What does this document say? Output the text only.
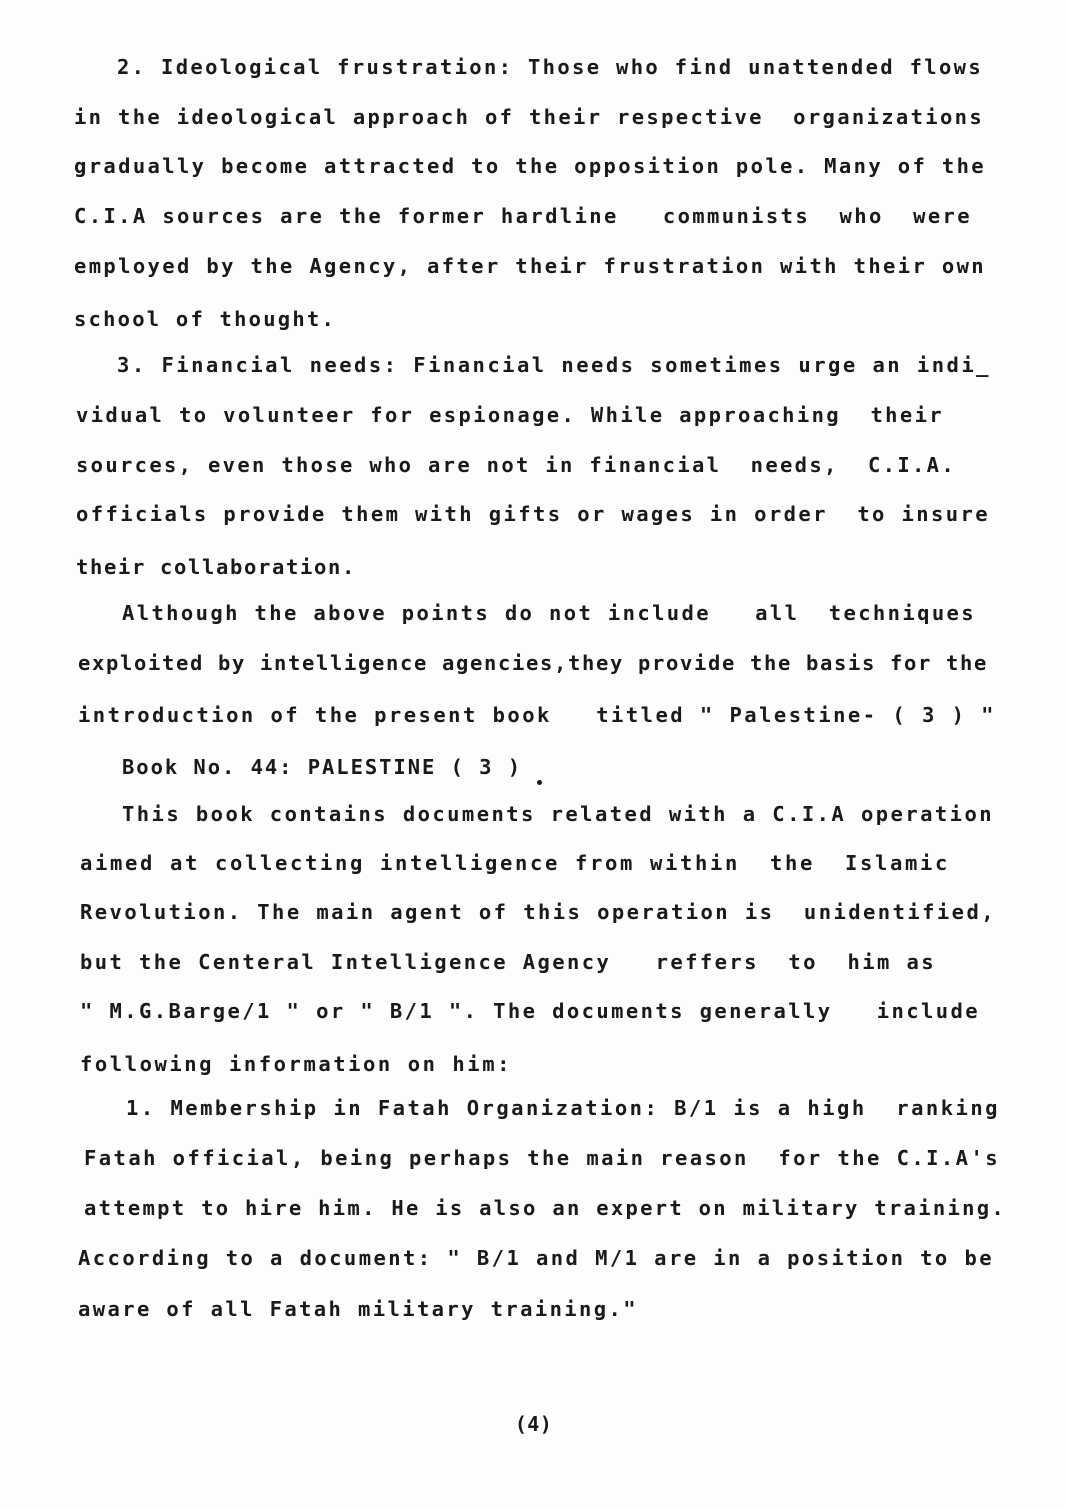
2. Ideological frustration: Those who find unattended flows
in the ideological approach of their respective  organizations
gradually become attracted to the opposition pole. Many of the
C.I.A sources are the former hardline   communists  who  were
employed by the Agency, after their frustration with their own
school of thought.
3. Financial needs: Financial needs sometimes urge an indi_
vidual to volunteer for espionage. While approaching  their
sources, even those who are not in financial  needs,  C.I.A.
officials provide them with gifts or wages in order  to insure
their collaboration.
Although the above points do not include   all  techniques
exploited by intelligence agencies,they provide the basis for the
introduction of the present book   titled " Palestine- ( 3 ) "
Book No. 44: PALESTINE ( 3 )
This book contains documents related with a C.I.A operation
aimed at collecting intelligence from within  the  Islamic
Revolution. The main agent of this operation is  unidentified,
but the Centeral Intelligence Agency   reffers  to  him as
" M.G.Barge/1 " or " B/1 ". The documents generally   include
following information on him:
1. Membership in Fatah Organization: B/1 is a high  ranking
Fatah official, being perhaps the main reason  for the C.I.A's
attempt to hire him. He is also an expert on military training.
According to a document: " B/1 and M/1 are in a position to be
aware of all Fatah military training."
(4)
